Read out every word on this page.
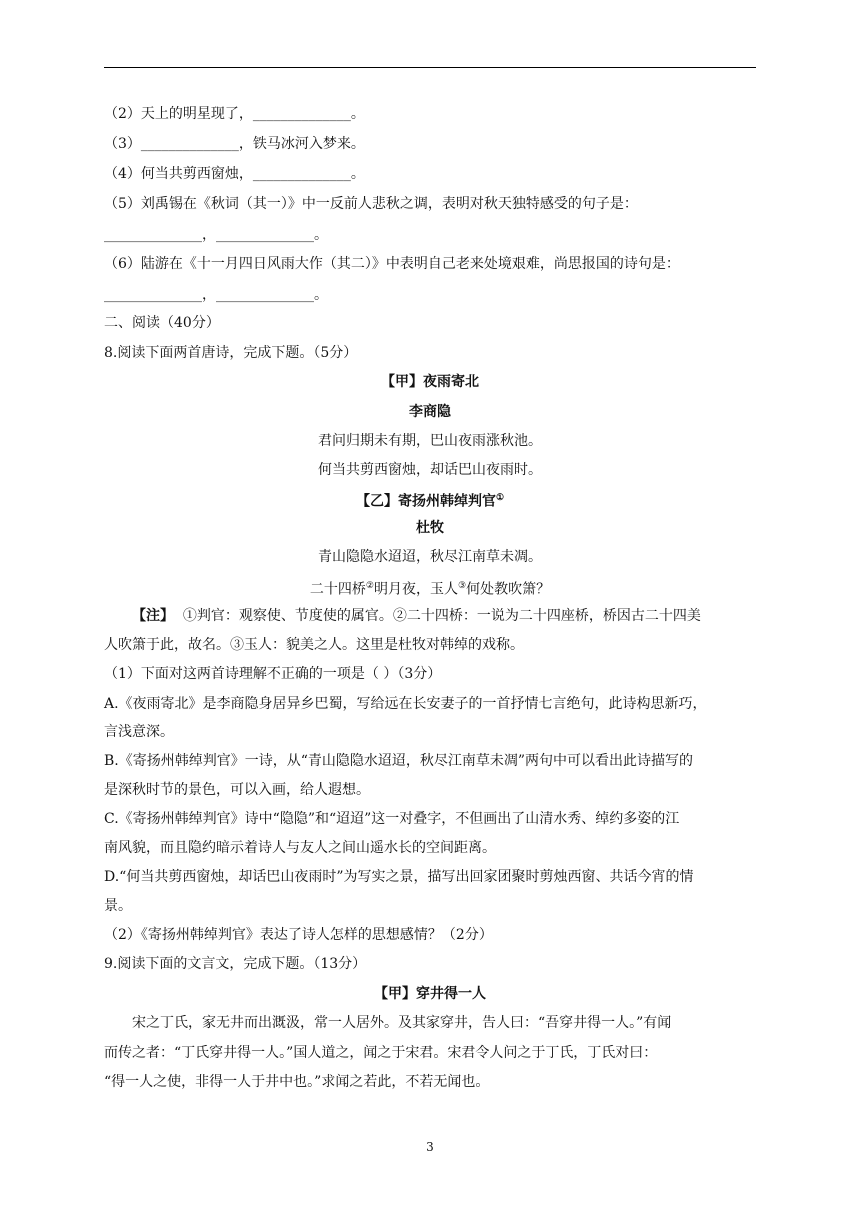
（2）天上的明星现了，______________。
（3）______________，铁马冰河入梦来。
（4）何当共剪西窗烛，______________。
（5）刘禹锡在《秋词（其一）》中一反前人悲秋之调，表明对秋天独特感受的句子是：
______________，______________。
（6）陆游在《十一月四日风雨大作（其二）》中表明自己老来处境艰难，尚思报国的诗句是：
______________，______________。
二、阅读（40分）
8.阅读下面两首唐诗，完成下题。（5分）
【甲】夜雨寄北
李商隐
君问归期未有期，巴山夜雨涨秋池。
何当共剪西窗烛，却话巴山夜雨时。
【乙】寄扬州韩绰判官①
杜牧
青山隐隐水迢迢，秋尽江南草未凋。
二十四桥②明月夜，玉人③何处教吹箫？
【注】 ①判官：观察使、节度使的属官。②二十四桥：一说为二十四座桥，桥因古二十四美
人吹箫于此，故名。③玉人：貌美之人。这里是杜牧对韩绰的戏称。
（1）下面对这两首诗理解不正确的一项是（ ）（3分）
A.《夜雨寄北》是李商隐身居异乡巴蜀，写给远在长安妻子的一首抒情七言绝句，此诗构思新巧，
言浅意深。
B.《寄扬州韩绰判官》一诗，从“青山隐隐水迢迢，秋尽江南草未凋”两句中可以看出此诗描写的
是深秋时节的景色，可以入画，给人遐想。
C.《寄扬州韩绰判官》诗中“隐隐”和“迢迢”这一对叠字，不但画出了山清水秀、绰约多姿的江
南风貌，而且隐约暗示着诗人与友人之间山遥水长的空间距离。
D.“何当共剪西窗烛，却话巴山夜雨时”为写实之景，描写出回家团聚时剪烛西窗、共话今宵的情
景。
（2）《寄扬州韩绰判官》表达了诗人怎样的思想感情？（2分）
9.阅读下面的文言文，完成下题。（13分）
【甲】穿井得一人
宋之丁氏，家无井而出溉汲，常一人居外。及其家穿井，告人曰：“吾穿井得一人。”有闻
而传之者：“丁氏穿井得一人。”国人道之，闻之于宋君。宋君令人问之于丁氏，丁氏对曰：
“得一人之使，非得一人于井中也。”求闻之若此，不若无闻也。
3
